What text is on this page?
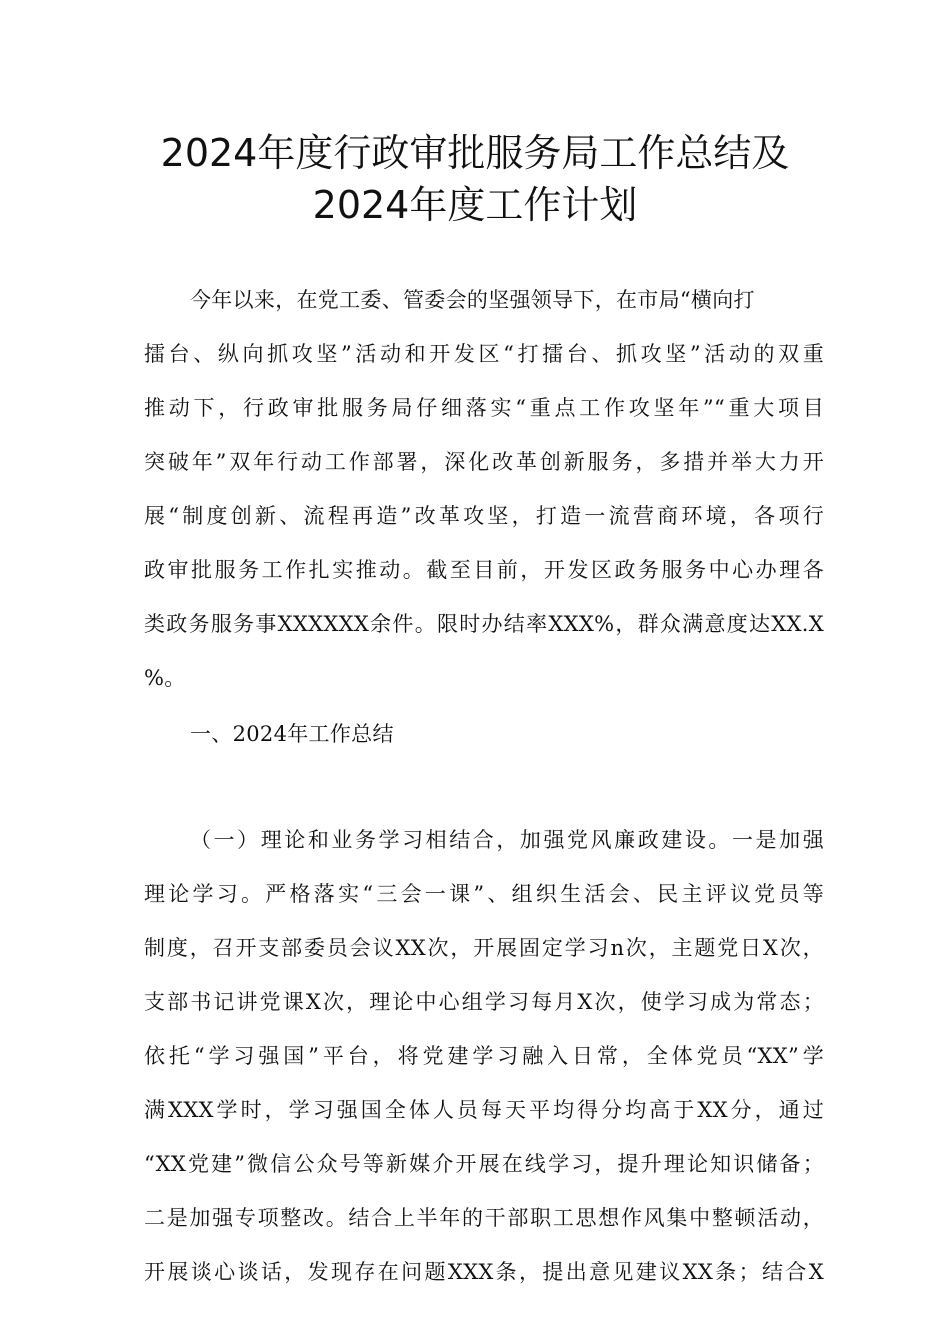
2024年度行政审批服务局工作总结及
2024年度工作计划
今年以来，在党工委、管委会的坚强领导下，在市局“横向打
擂台、纵向抓攻坚”活动和开发区“打擂台、抓攻坚”活动的双重
推动下，行政审批服务局仔细落实“重点工作攻坚年”“重大项目
突破年”双年行动工作部署，深化改革创新服务，多措并举大力开
展“制度创新、流程再造”改革攻坚，打造一流营商环境，各项行
政审批服务工作扎实推动。截至目前，开发区政务服务中心办理各
类政务服务事XXXXXX余件。限时办结率XXX%，群众满意度达XX.X
%。
一、2024年工作总结
（一）理论和业务学习相结合，加强党风廉政建设。一是加强
理论学习。严格落实“三会一课”、组织生活会、民主评议党员等
制度，召开支部委员会议XX次，开展固定学习n次，主题党日X次，
支部书记讲党课X次，理论中心组学习每月X次，使学习成为常态；
依托“学习强国”平台，将党建学习融入日常，全体党员“XX”学
满XXX学时，学习强国全体人员每天平均得分均高于XX分，通过
“XX党建”微信公众号等新媒介开展在线学习，提升理论知识储备；
二是加强专项整改。结合上半年的干部职工思想作风集中整顿活动，
开展谈心谈话，发现存在问题XXX条，提出意见建议XX条；结合X
